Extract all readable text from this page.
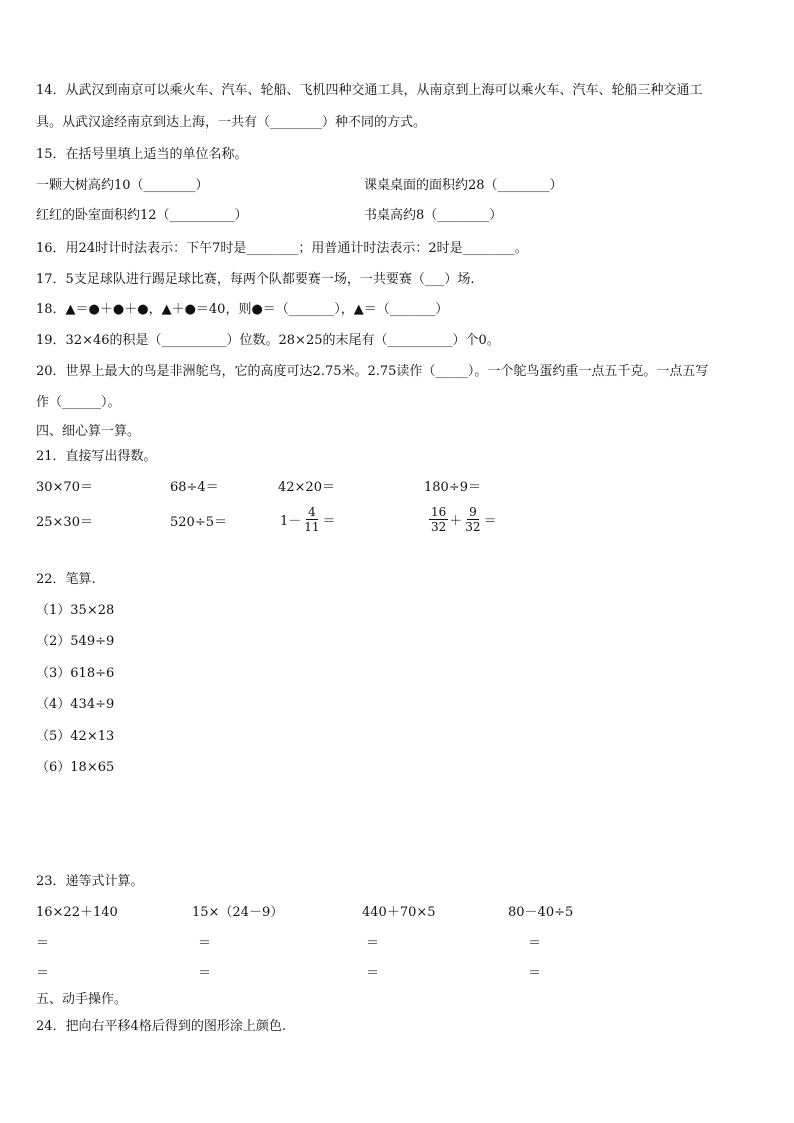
14．从武汉到南京可以乘火车、汽车、轮船、飞机四种交通工具，从南京到上海可以乘火车、汽车、轮船三种交通工
具。从武汉途经南京到达上海，一共有（________）种不同的方式。
15．在括号里填上适当的单位名称。
一颗大树高约10（________）	课桌桌面的面积约28（________）
红红的卧室面积约12（__________）	书桌高约8（________）
16．用24时计时法表示：下午7时是________；用普通计时法表示：2时是________。
17．5支足球队进行踢足球比赛，每两个队都要赛一场，一共要赛（___）场.
18．▲＝●＋●＋●，▲＋●＝40，则●＝（_______），▲＝（_______）
19．32×46的积是（__________）位数。28×25的末尾有（__________）个0。
20．世界上最大的鸟是非洲鸵鸟，它的高度可达2.75米。2.75读作（_____）。一个鸵鸟蛋约重一点五千克。一点五写
作（______）。
四、细心算一算。
21．直接写出得数。
30×70＝	68÷4＝	42×20＝	180÷9＝
25×30＝	520÷5＝	$1- \frac{4}{11}$ ＝	$\frac{16}{32} + \frac{9}{32}$ ＝
22．笔算.
（1）35×28
（2）549÷9
（3）618÷6
（4）434÷9
（5）42×13
（6）18×65
23．递等式计算。
16×22＋140	15×（24－9）	440＋70×5	80－40÷5
＝	＝	＝	＝
＝	＝	＝	＝
五、动手操作。
24．把向右平移4格后得到的图形涂上颜色.
